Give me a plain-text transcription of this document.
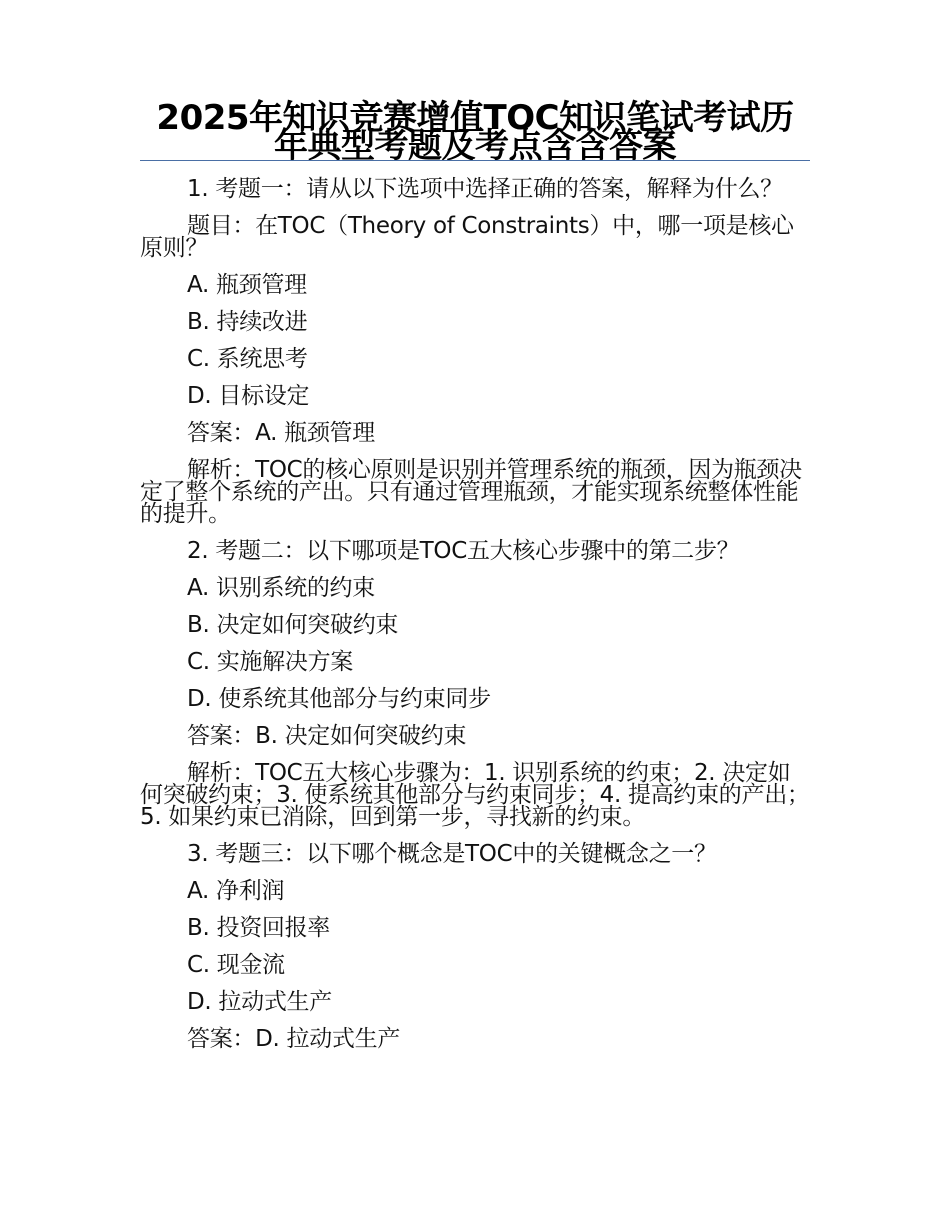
2025年知识竞赛增值TOC知识笔试考试历年典型考题及考点含含答案

1. 考题一：请从以下选项中选择正确的答案，解释为什么？

题目：在TOC（Theory of Constraints）中，哪一项是核心原则？

A. 瓶颈管理

B. 持续改进

C. 系统思考

D. 目标设定

答案：A. 瓶颈管理

解析：TOC的核心原则是识别并管理系统的瓶颈，因为瓶颈决定了整个系统的产出。只有通过管理瓶颈，才能实现系统整体性能的提升。

2. 考题二：以下哪项是TOC五大核心步骤中的第二步？

A. 识别系统的约束

B. 决定如何突破约束

C. 实施解决方案

D. 使系统其他部分与约束同步

答案：B. 决定如何突破约束

解析：TOC五大核心步骤为：1. 识别系统的约束；2. 决定如何突破约束；3. 使系统其他部分与约束同步；4. 提高约束的产出；5. 如果约束已消除，回到第一步，寻找新的约束。

3. 考题三：以下哪个概念是TOC中的关键概念之一？

A. 净利润

B. 投资回报率

C. 现金流

D. 拉动式生产

答案：D. 拉动式生产
